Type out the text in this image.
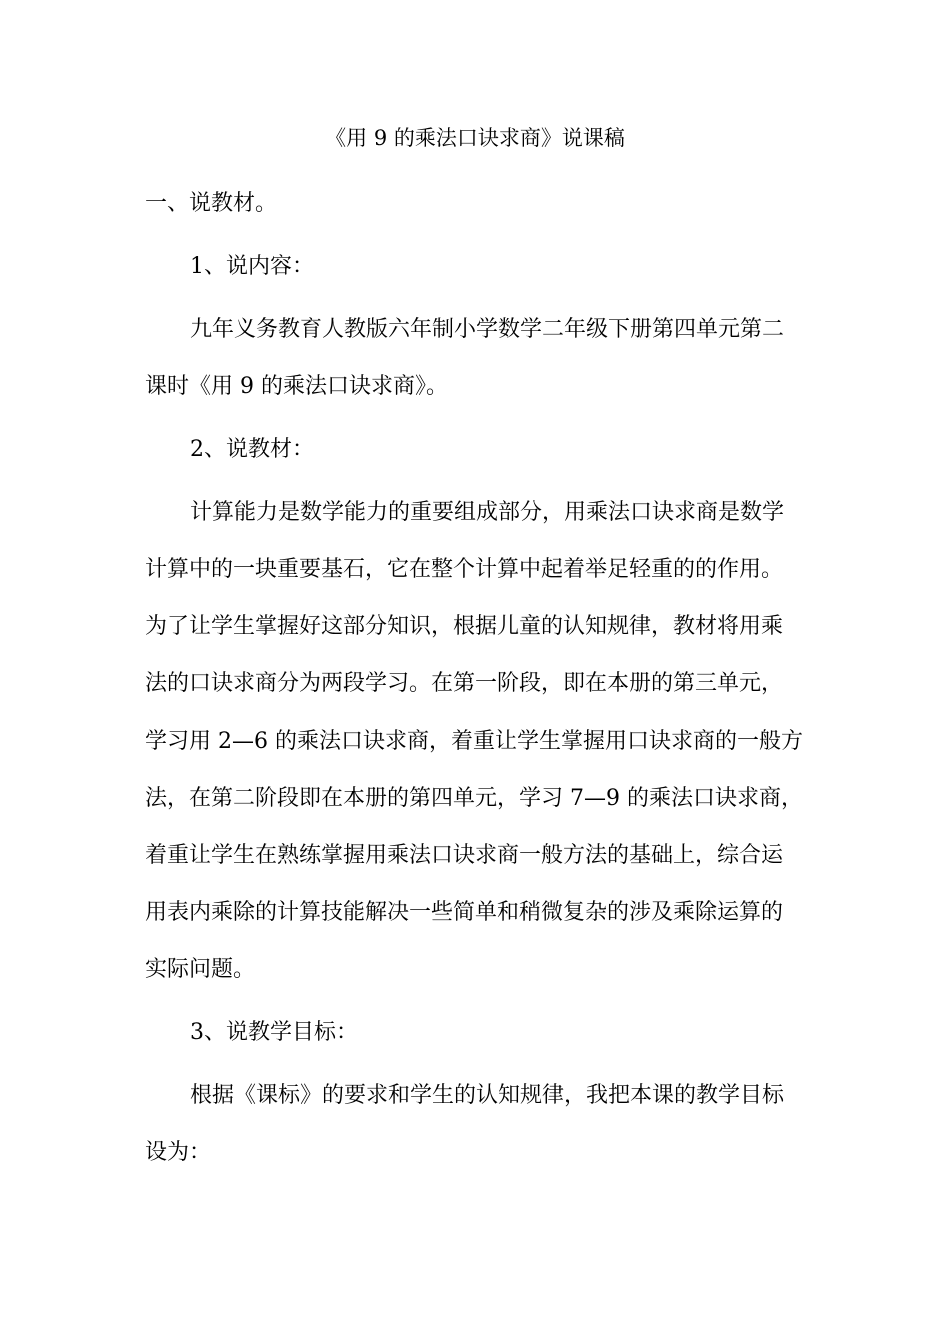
《用 9 的乘法口诀求商》说课稿

一、说教材。

1、说内容：

九年义务教育人教版六年制小学数学二年级下册第四单元第二

课时《用 9 的乘法口诀求商》。

2、说教材：

计算能力是数学能力的重要组成部分，用乘法口诀求商是数学

计算中的一块重要基石，它在整个计算中起着举足轻重的的作用。

为了让学生掌握好这部分知识，根据儿童的认知规律，教材将用乘

法的口诀求商分为两段学习。在第一阶段，即在本册的第三单元，

学习用 2—6 的乘法口诀求商，着重让学生掌握用口诀求商的一般方

法，在第二阶段即在本册的第四单元，学习 7—9 的乘法口诀求商，

着重让学生在熟练掌握用乘法口诀求商一般方法的基础上，综合运

用表内乘除的计算技能解决一些简单和稍微复杂的涉及乘除运算的

实际问题。

3、说教学目标：

根据《课标》的要求和学生的认知规律，我把本课的教学目标

设为：
